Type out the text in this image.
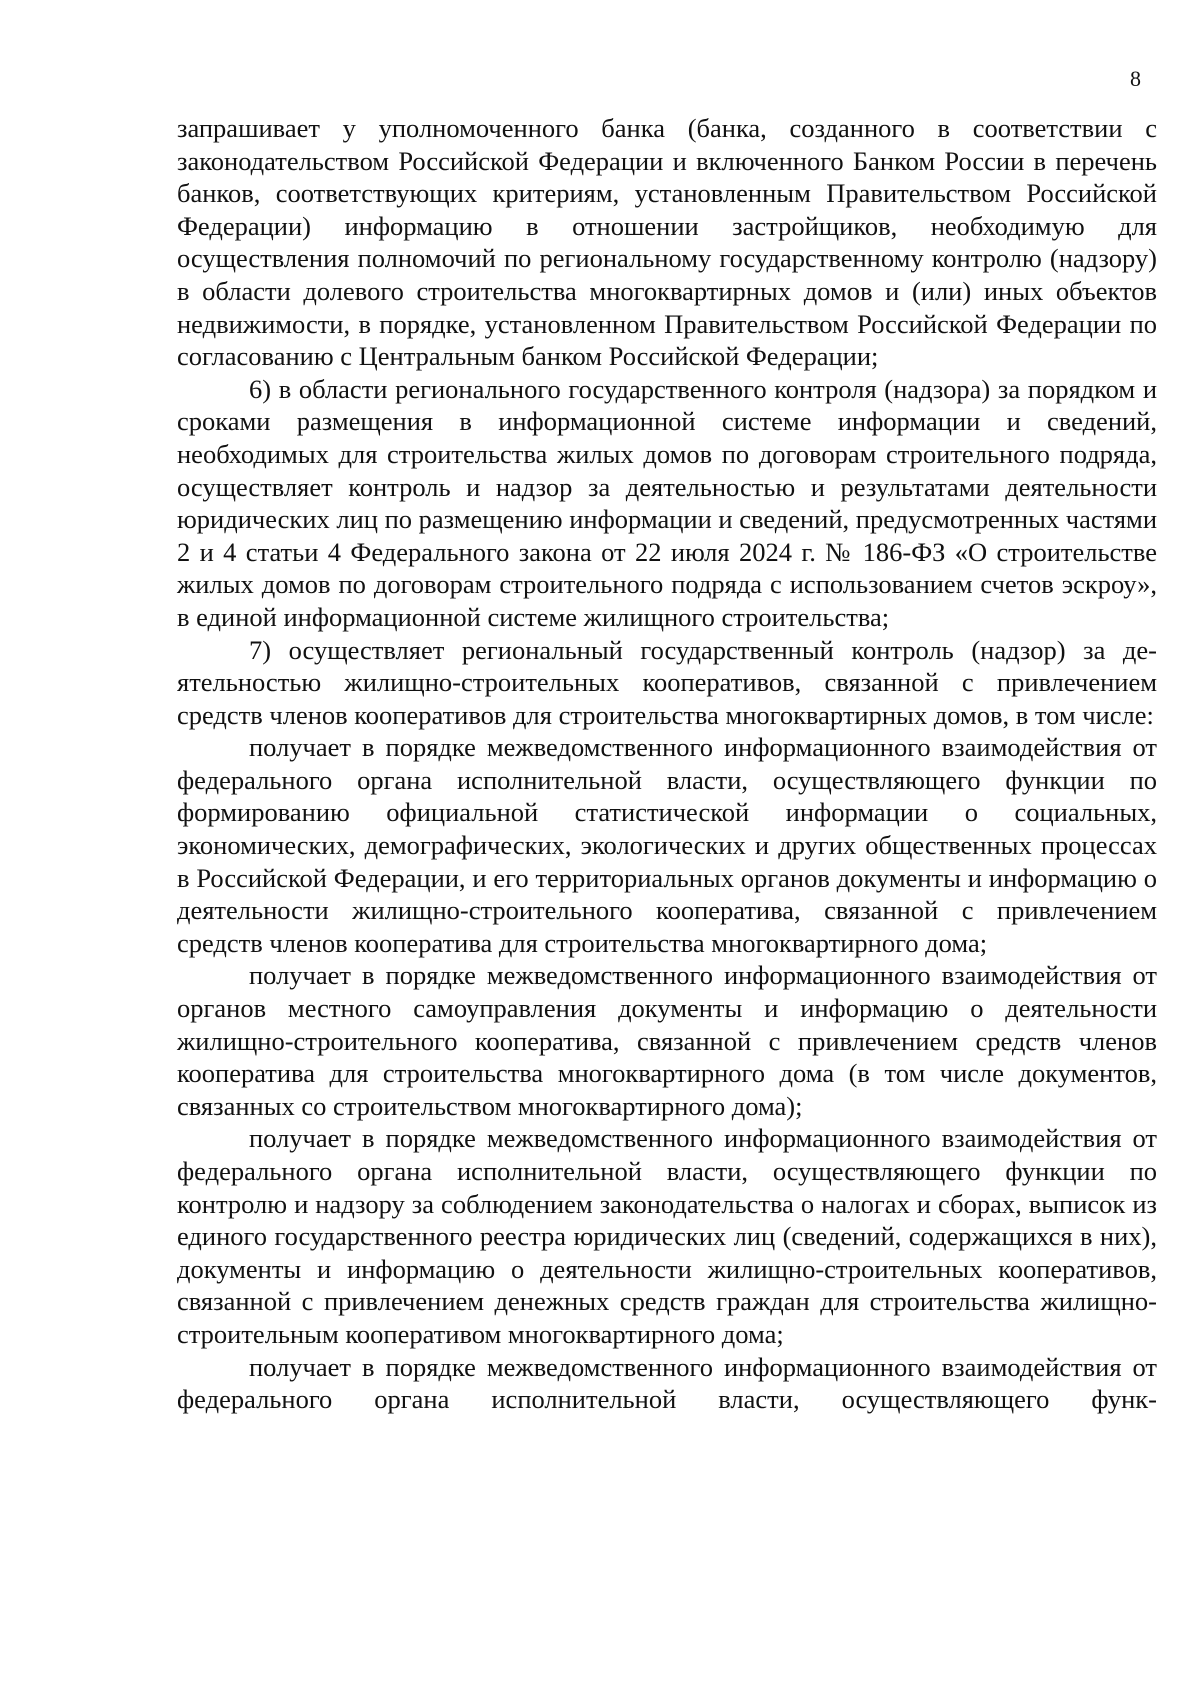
8

запрашивает у уполномоченного банка (банка, созданного в соответствии с законодательством Российской Федерации и включенного Банком России в перечень банков, соответствующих критериям, установленным Правительством Российской Федерации) информацию в отношении застройщиков, необходимую для осуществления полномочий по региональному государственному контролю (надзору) в области долевого строительства многоквартирных домов и (или) иных объектов недвижимости, в порядке, установленном Правительством Российской Федерации по согласованию с Центральным банком Российской Федерации;

6) в области регионального государственного контроля (надзора) за порядком и сроками размещения в информационной системе информации и сведений, необходимых для строительства жилых домов по договорам строительного подряда, осуществляет контроль и надзор за деятельностью и результатами деятельности юридических лиц по размещению информации и сведений, предусмотренных частями 2 и 4 статьи 4 Федерального закона от 22 июля 2024 г. № 186-ФЗ «О строительстве жилых домов по договорам строительного подряда с использованием счетов эскроу», в единой информационной системе жилищного строительства;

7) осуществляет региональный государственный контроль (надзор) за деятельностью жилищно-строительных кооперативов, связанной с привлечением средств членов кооперативов для строительства многоквартирных домов, в том числе:

получает в порядке межведомственного информационного взаимодействия от федерального органа исполнительной власти, осуществляющего функции по формированию официальной статистической информации о социальных, экономических, демографических, экологических и других общественных процессах в Российской Федерации, и его территориальных органов документы и информацию о деятельности жилищно-строительного кооператива, связанной с привлечением средств членов кооператива для строительства многоквартирного дома;

получает в порядке межведомственного информационного взаимодействия от органов местного самоуправления документы и информацию о деятельности жилищно-строительного кооператива, связанной с привлечением средств членов кооператива для строительства многоквартирного дома (в том числе документов, связанных со строительством многоквартирного дома);

получает в порядке межведомственного информационного взаимодействия от федерального органа исполнительной власти, осуществляющего функции по контролю и надзору за соблюдением законодательства о налогах и сборах, выписок из единого государственного реестра юридических лиц (сведений, содержащихся в них), документы и информацию о деятельности жилищно-строительных кооперативов, связанной с привлечением денежных средств граждан для строительства жилищно-строительным кооперативом многоквартирного дома;

получает в порядке межведомственного информационного взаимодействия от федерального органа исполнительной власти, осуществляющего функ-
